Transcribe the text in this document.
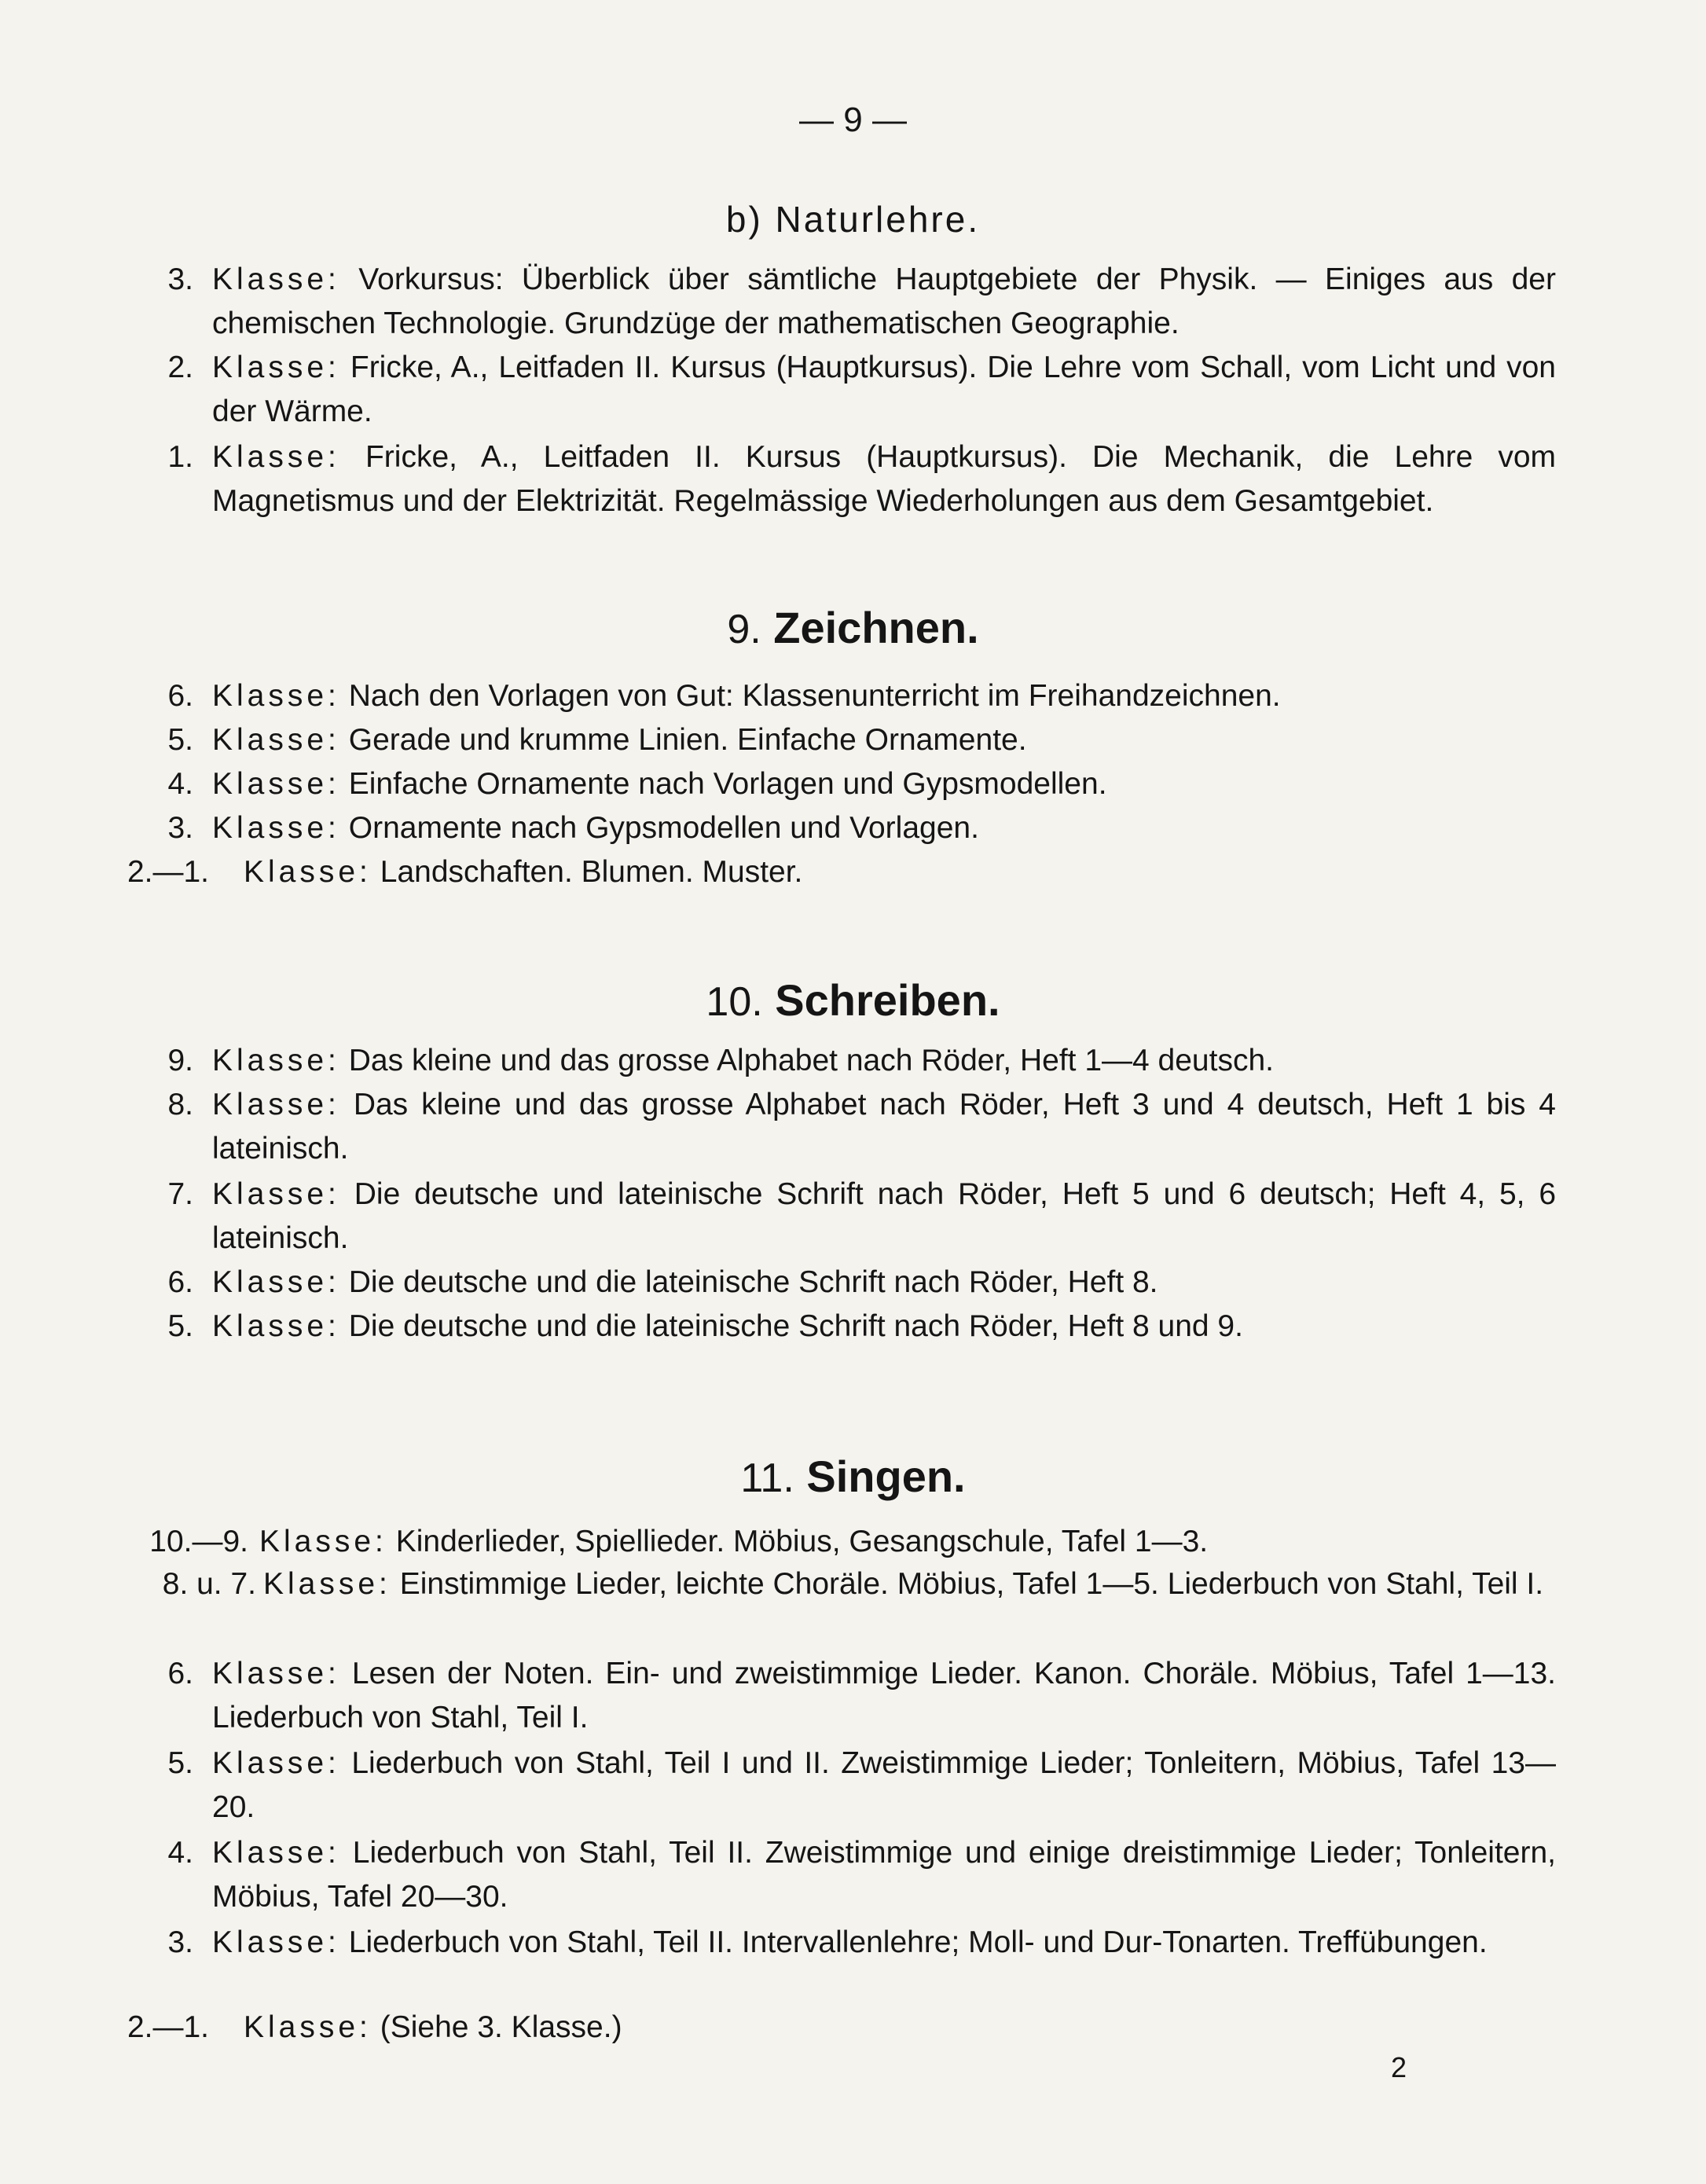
— 9 —
b) Naturlehre.
3. Klasse: Vorkursus: Überblick über sämtliche Hauptgebiete der Physik. — Einiges aus der chemischen Technologie. Grundzüge der mathematischen Geographie.
2. Klasse: Fricke, A., Leitfaden II. Kursus (Hauptkursus). Die Lehre vom Schall, vom Licht und von der Wärme.
1. Klasse: Fricke, A., Leitfaden II. Kursus (Hauptkursus). Die Mechanik, die Lehre vom Magnetismus und der Elektrizität. Regelmässige Wiederholungen aus dem Gesamtgebiet.
9. Zeichnen.
6. Klasse: Nach den Vorlagen von Gut: Klassenunterricht im Freihandzeichnen.
5. Klasse: Gerade und krumme Linien. Einfache Ornamente.
4. Klasse: Einfache Ornamente nach Vorlagen und Gypsmodellen.
3. Klasse: Ornamente nach Gypsmodellen und Vorlagen.
2.—1. Klasse: Landschaften. Blumen. Muster.
10. Schreiben.
9. Klasse: Das kleine und das grosse Alphabet nach Röder, Heft 1—4 deutsch.
8. Klasse: Das kleine und das grosse Alphabet nach Röder, Heft 3 und 4 deutsch, Heft 1 bis 4 lateinisch.
7. Klasse: Die deutsche und lateinische Schrift nach Röder, Heft 5 und 6 deutsch; Heft 4, 5, 6 lateinisch.
6. Klasse: Die deutsche und die lateinische Schrift nach Röder, Heft 8.
5. Klasse: Die deutsche und die lateinische Schrift nach Röder, Heft 8 und 9.
11. Singen.
10.—9. Klasse: Kinderlieder, Spiellieder. Möbius, Gesangschule, Tafel 1—3.
8. u. 7. Klasse: Einstimmige Lieder, leichte Choräle. Möbius, Tafel 1—5. Liederbuch von Stahl, Teil I.
6. Klasse: Lesen der Noten. Ein- und zweistimmige Lieder. Kanon. Choräle. Möbius, Tafel 1—13. Liederbuch von Stahl, Teil I.
5. Klasse: Liederbuch von Stahl, Teil I und II. Zweistimmige Lieder; Tonleitern, Möbius, Tafel 13—20.
4. Klasse: Liederbuch von Stahl, Teil II. Zweistimmige und einige dreistimmige Lieder; Tonleitern, Möbius, Tafel 20—30.
3. Klasse: Liederbuch von Stahl, Teil II. Intervallenlehre; Moll- und Dur-Tonarten. Treffübungen.
2.—1. Klasse: (Siehe 3. Klasse.)
2
